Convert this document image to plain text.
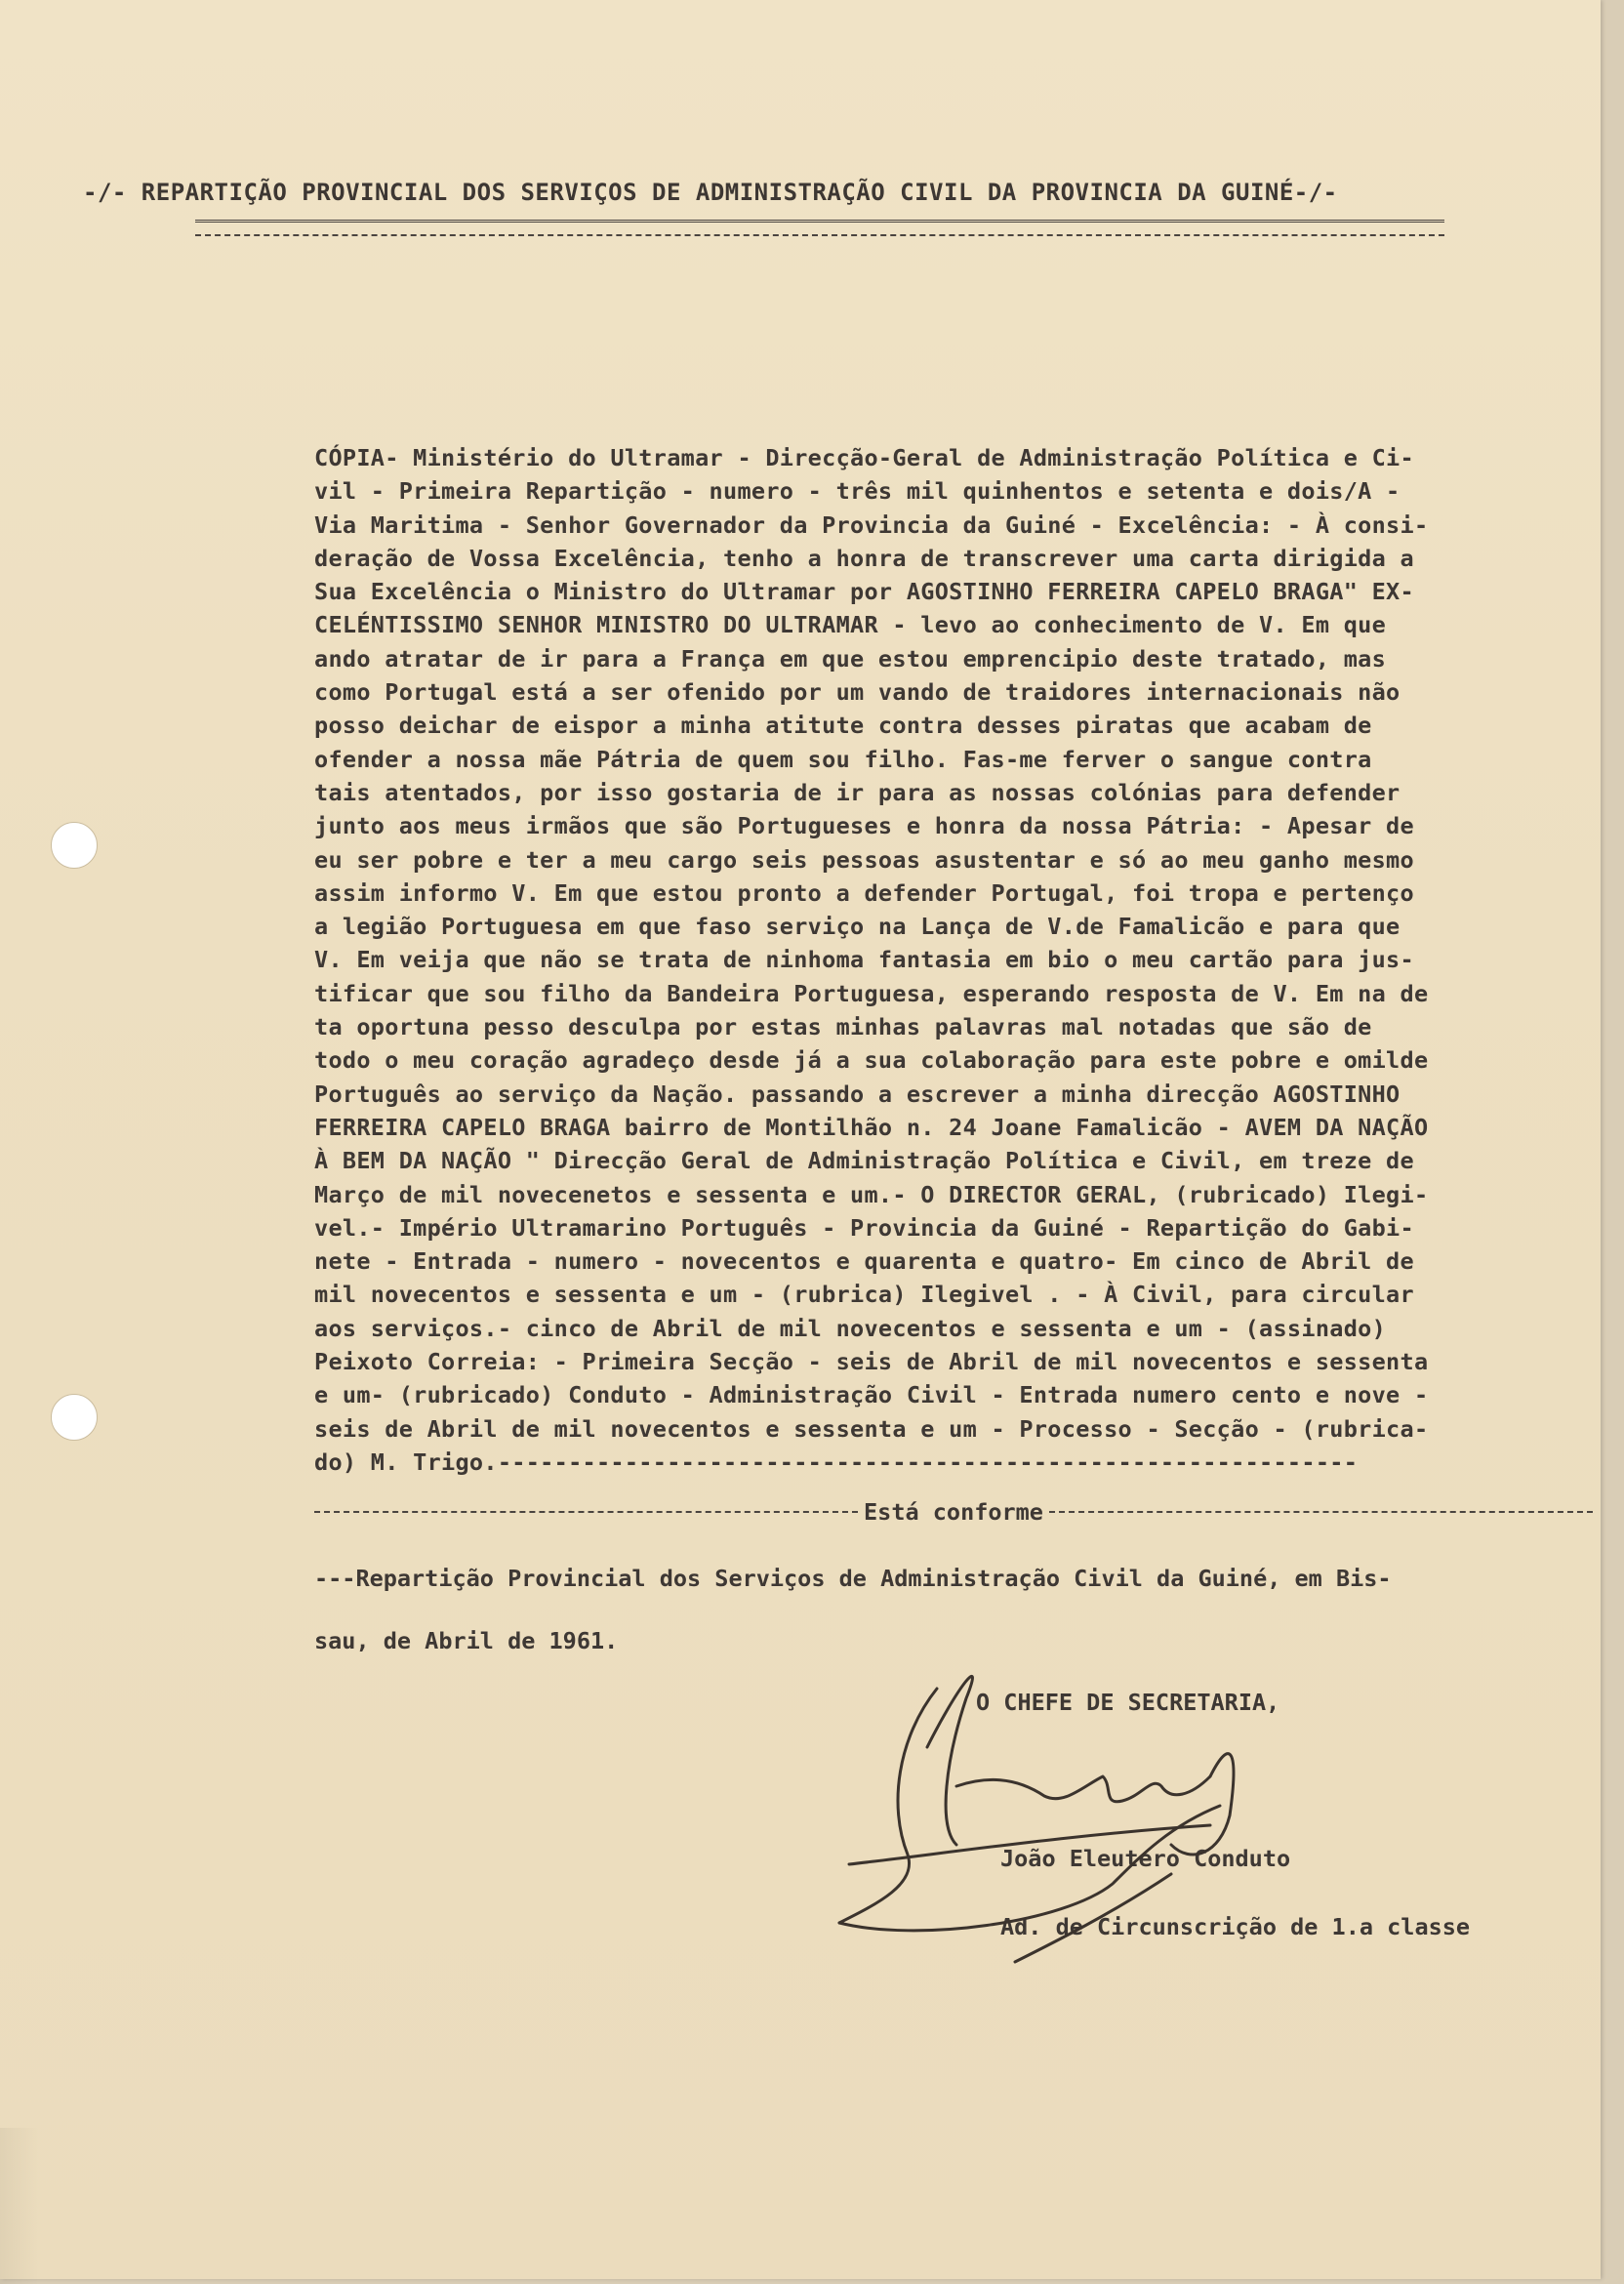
-/- REPARTIÇÃO PROVINCIAL DOS SERVIÇOS DE ADMINISTRAÇÃO CIVIL DA PROVINCIA DA GUINÉ-/-
CÓPIA- Ministério do Ultramar - Direcção-Geral de Administração Política e Ci-
vil - Primeira Repartição - numero - três mil quinhentos e setenta e dois/A -
Via Maritima - Senhor Governador da Provincia da Guiné - Excelência: - À consi-
deração de Vossa Excelência, tenho a honra de transcrever uma carta dirigida a
Sua Excelência o Ministro do Ultramar por AGOSTINHO FERREIRA CAPELO BRAGA" EX-
CELÉNTISSIMO SENHOR MINISTRO DO ULTRAMAR - levo ao conhecimento de V. Em que
ando atratar de ir para a França em que estou emprencipio deste tratado, mas
como Portugal está a ser ofenido por um vando de traidores internacionais não
posso deichar de eispor a minha atitute contra desses piratas que acabam de
ofender a nossa mãe Pátria de quem sou filho. Fas-me ferver o sangue contra
tais atentados, por isso gostaria de ir para as nossas colónias para defender
junto aos meus irmãos que são Portugueses e honra da nossa Pátria: - Apesar de
eu ser pobre e ter a meu cargo seis pessoas asustentar e só ao meu ganho mesmo
assim informo V. Em que estou pronto a defender Portugal, foi tropa e pertenço
a legião Portuguesa em que faso serviço na Lança de V.de Famalicão e para que
V. Em veija que não se trata de ninhoma fantasia em bio o meu cartão para jus-
tificar que sou filho da Bandeira Portuguesa, esperando resposta de V. Em na de
ta oportuna pesso desculpa por estas minhas palavras mal notadas que são de
todo o meu coração agradeço desde já a sua colaboração para este pobre e omilde
Português ao serviço da Nação. passando a escrever a minha direcção AGOSTINHO
FERREIRA CAPELO BRAGA bairro de Montilhão n. 24 Joane Famalicão - AVEM DA NAÇÃO
À BEM DA NAÇÃO " Direcção Geral de Administração Política e Civil, em treze de
Março de mil novecenetos e sessenta e um.- O DIRECTOR GERAL, (rubricado) Ilegi-
vel.- Império Ultramarino Português - Provincia da Guiné - Repartição do Gabi-
nete - Entrada - numero - novecentos e quarenta e quatro- Em cinco de Abril de
mil novecentos e sessenta e um - (rubrica) Ilegivel . - À Civil, para circular
aos serviços.- cinco de Abril de mil novecentos e sessenta e um - (assinado)
Peixoto Correia: - Primeira Secção - seis de Abril de mil novecentos e sessenta
e um- (rubricado) Conduto - Administração Civil - Entrada numero cento e nove -
seis de Abril de mil novecentos e sessenta e um - Processo - Secção - (rubrica-
do) M. Trigo.-------------------------------------------------------------
Está conforme
---Repartição Provincial dos Serviços de Administração Civil da Guiné, em Bis-
sau, de Abril de 1961.
O CHEFE DE SECRETARIA,
João Eleutero Conduto
Ad. de Circunscrição de 1.a classe
